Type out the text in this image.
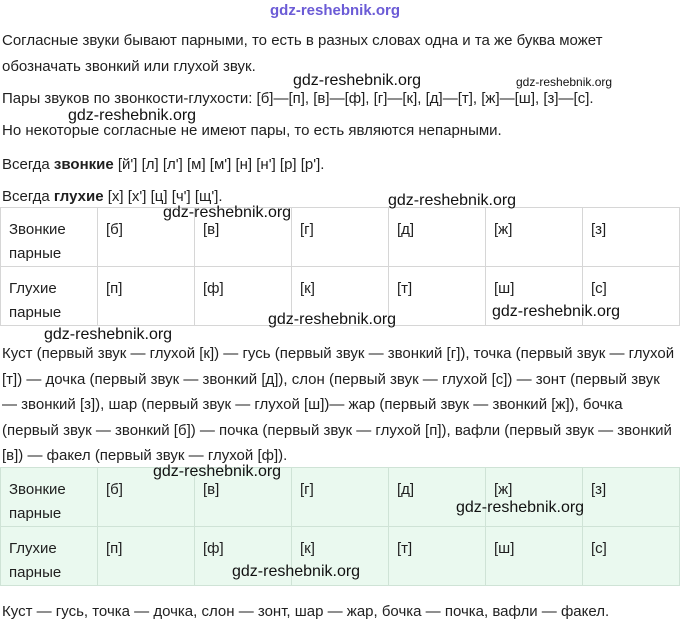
gdz-reshebnik.org

Согласные звуки бывают парными, то есть в разных словах одна и та же буква может

обозначать звонкий или глухой звук.

Пары звуков по звонкости-глухости: [б]—[п], [в]—[ф], [г]—[к], [д]—[т], [ж]—[ш], [з]—[с].

Но некоторые согласные не имеют пары, то есть являются непарными.

Всегда звонкие [й'] [л] [л'] [м] [м'] [н] [н'] [р] [р'].

Всегда глухие [х] [х'] [ц] [ч'] [щ'].

Звонкие парные	[б]	[в]	[г]	[д]	[ж]	[з]
Глухие парные	[п]	[ф]	[к]	[т]	[ш]	[с]

Куст (первый звук — глухой [к]) — гусь (первый звук — звонкий [г]), точка (первый звук — глухой [т]) — дочка (первый звук — звонкий [д]), слон (первый звук — глухой [с]) — зонт (первый звук — звонкий [з]), шар (первый звук — глухой [ш])— жар (первый звук — звонкий [ж]), бочка (первый звук — звонкий [б]) — почка (первый звук — глухой [п]), вафли (первый звук — звонкий [в]) — факел (первый звук — глухой [ф]).

Звонкие парные	[б]	[в]	[г]	[д]	[ж]	[з]
Глухие парные	[п]	[ф]	[к]	[т]	[ш]	[с]

Куст — гусь, точка — дочка, слон — зонт, шар — жар, бочка — почка, вафли — факел.

gdz-reshebnik.org	gdz-reshebnik.org
gdz-reshebnik.org
gdz-reshebnik.org
gdz-reshebnik.org
gdz-reshebnik.org	gdz-reshebnik.org
gdz-reshebnik.org
gdz-reshebnik.org
gdz-reshebnik.org
gdz-reshebnik.org
